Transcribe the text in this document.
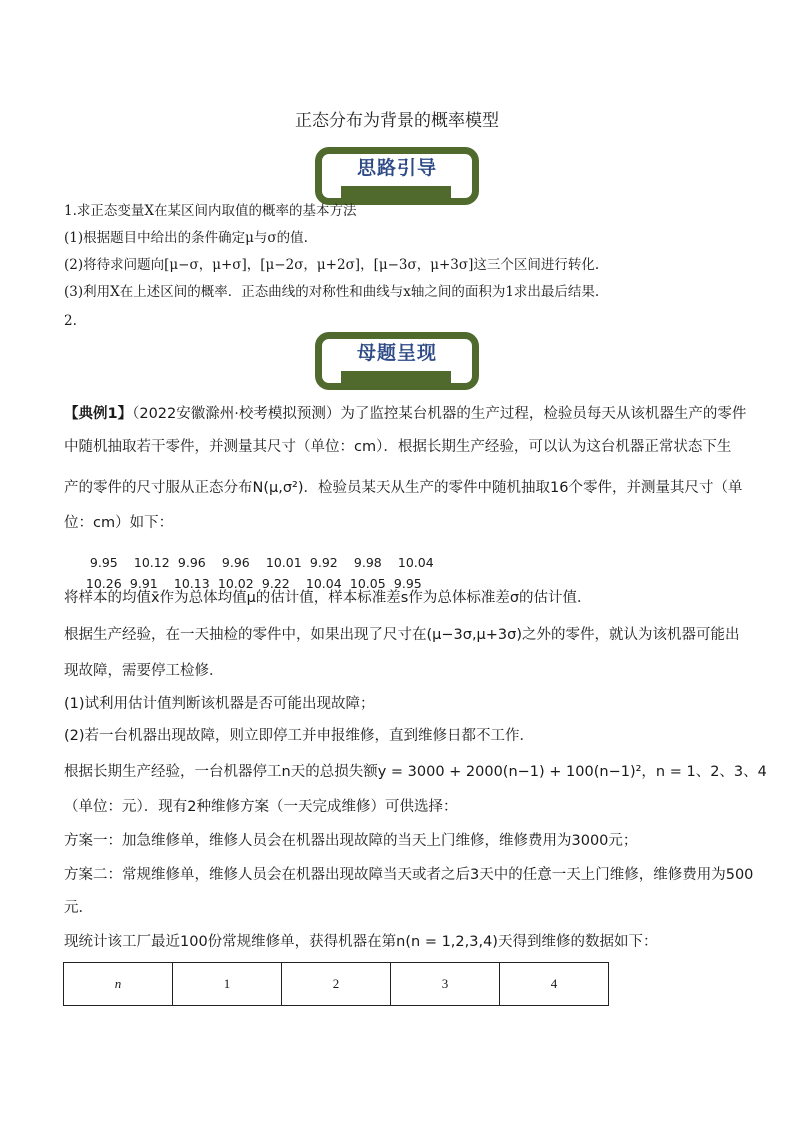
正态分布为背景的概率模型
思路引导
1.求正态变量X在某区间内取值的概率的基本方法
(1)根据题目中给出的条件确定μ与σ的值.
(2)将待求问题向[μ−σ，μ+σ]，[μ−2σ，μ+2σ]，[μ−3σ，μ+3σ]这三个区间进行转化.
(3)利用X在上述区间的概率．正态曲线的对称性和曲线与x轴之间的面积为1求出最后结果.
2.
母题呈现
【典例1】（2022安徽滁州·校考模拟预测）为了监控某台机器的生产过程，检验员每天从该机器生产的零件
中随机抽取若干零件，并测量其尺寸（单位：cm）．根据长期生产经验，可以认为这台机器正常状态下生
产的零件的尺寸服从正态分布N(μ,σ²)．检验员某天从生产的零件中随机抽取16个零件，并测量其尺寸（单
位：cm）如下：

9.95 10.12 9.96 9.96 10.01 9.92 9.98 10.04

10.26 9.91 10.13 10.02 9.22 10.04 10.05 9.95

将样本的均值x̄作为总体均值μ的估计值，样本标准差s作为总体标准差σ的估计值．
根据生产经验，在一天抽检的零件中，如果出现了尺寸在(μ−3σ,μ+3σ)之外的零件，就认为该机器可能出
现故障，需要停工检修．
(1)试利用估计值判断该机器是否可能出现故障；
(2)若一台机器出现故障，则立即停工并申报维修，直到维修日都不工作．
根据长期生产经验，一台机器停工n天的总损失额y = 3000 + 2000(n−1) + 100(n−1)²，n = 1、2、3、4
（单位：元）．现有2种维修方案（一天完成维修）可供选择：
方案一：加急维修单，维修人员会在机器出现故障的当天上门维修，维修费用为3000元；
方案二：常规维修单，维修人员会在机器出现故障当天或者之后3天中的任意一天上门维修，维修费用为500
元．
现统计该工厂最近100份常规维修单，获得机器在第n(n = 1,2,3,4)天得到维修的数据如下：
n	1	2	3	4
